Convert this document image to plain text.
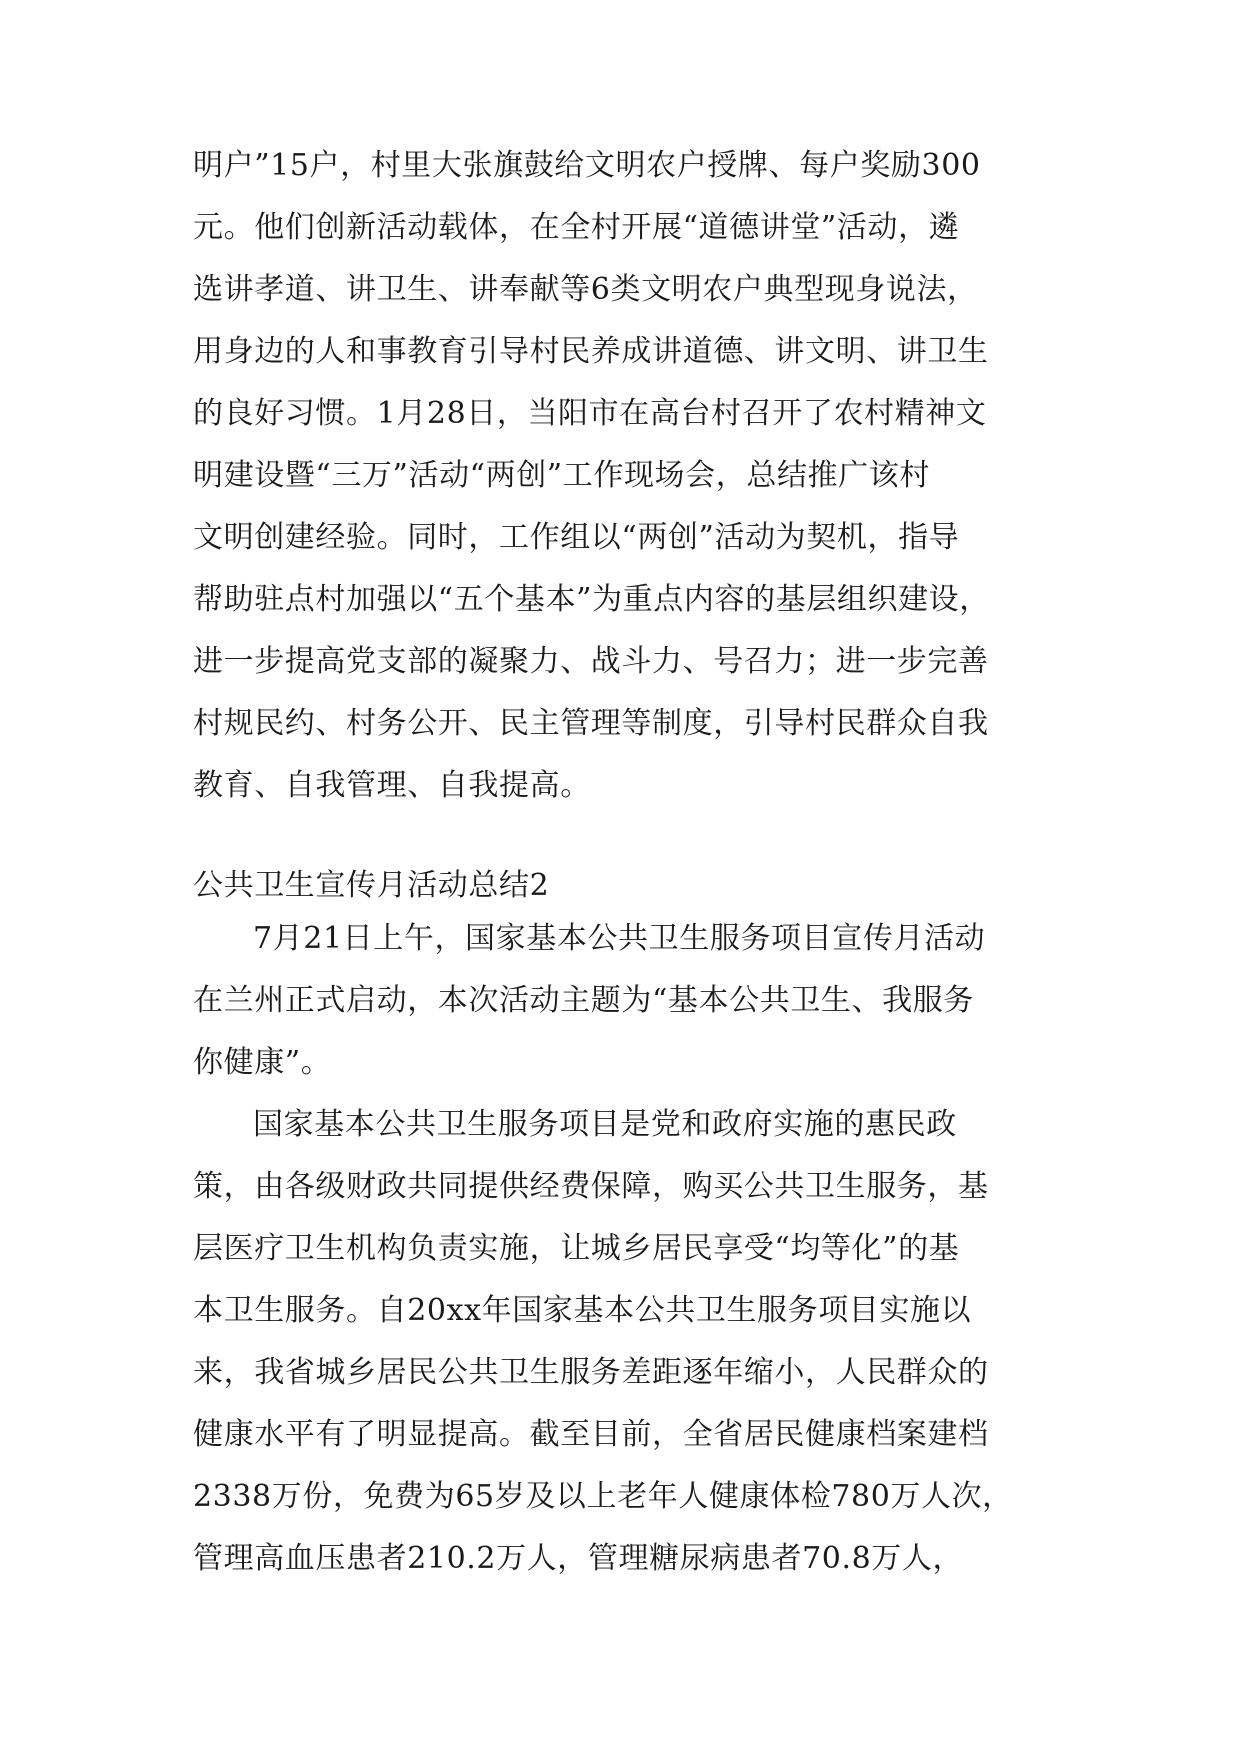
明户”15户，村里大张旗鼓给文明农户授牌、每户奖励300
元。他们创新活动载体，在全村开展“道德讲堂”活动，遴
选讲孝道、讲卫生、讲奉献等6类文明农户典型现身说法，
用身边的人和事教育引导村民养成讲道德、讲文明、讲卫生
的良好习惯。1月28日，当阳市在高台村召开了农村精神文
明建设暨“三万”活动“两创”工作现场会，总结推广该村
文明创建经验。同时，工作组以“两创”活动为契机，指导
帮助驻点村加强以“五个基本”为重点内容的基层组织建设，
进一步提高党支部的凝聚力、战斗力、号召力；进一步完善
村规民约、村务公开、民主管理等制度，引导村民群众自我
教育、自我管理、自我提高。
公共卫生宣传月活动总结2
7月21日上午，国家基本公共卫生服务项目宣传月活动
在兰州正式启动，本次活动主题为“基本公共卫生、我服务
你健康”。
国家基本公共卫生服务项目是党和政府实施的惠民政
策，由各级财政共同提供经费保障，购买公共卫生服务，基
层医疗卫生机构负责实施，让城乡居民享受“均等化”的基
本卫生服务。自20xx年国家基本公共卫生服务项目实施以
来，我省城乡居民公共卫生服务差距逐年缩小，人民群众的
健康水平有了明显提高。截至目前，全省居民健康档案建档
2338万份，免费为65岁及以上老年人健康体检780万人次，
管理高血压患者210.2万人，管理糖尿病患者70.8万人，
